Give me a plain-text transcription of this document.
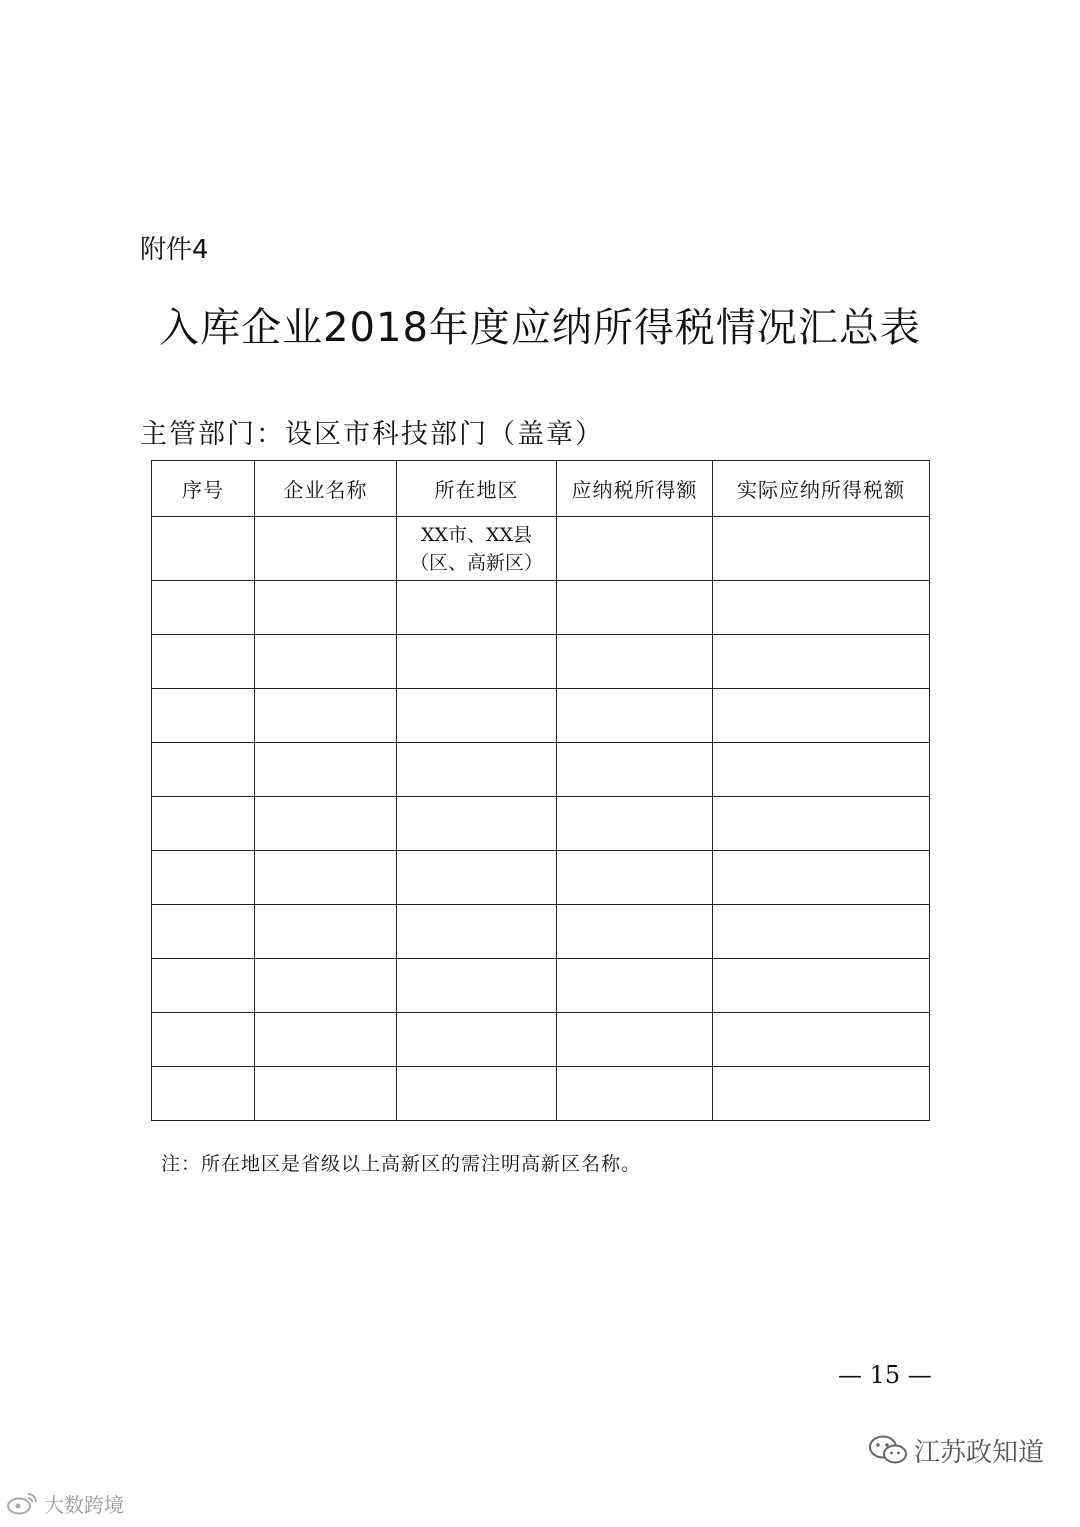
附件4
入库企业2018年度应纳所得税情况汇总表
主管部门：设区市科技部门（盖章）
序号	企业名称	所在地区	应纳税所得额	实际应纳所得税额

		XX市、XX县
（区、高新区）		

注：所在地区是省级以上高新区的需注明高新区名称。
— 15 —
江苏政知道
大数跨境
